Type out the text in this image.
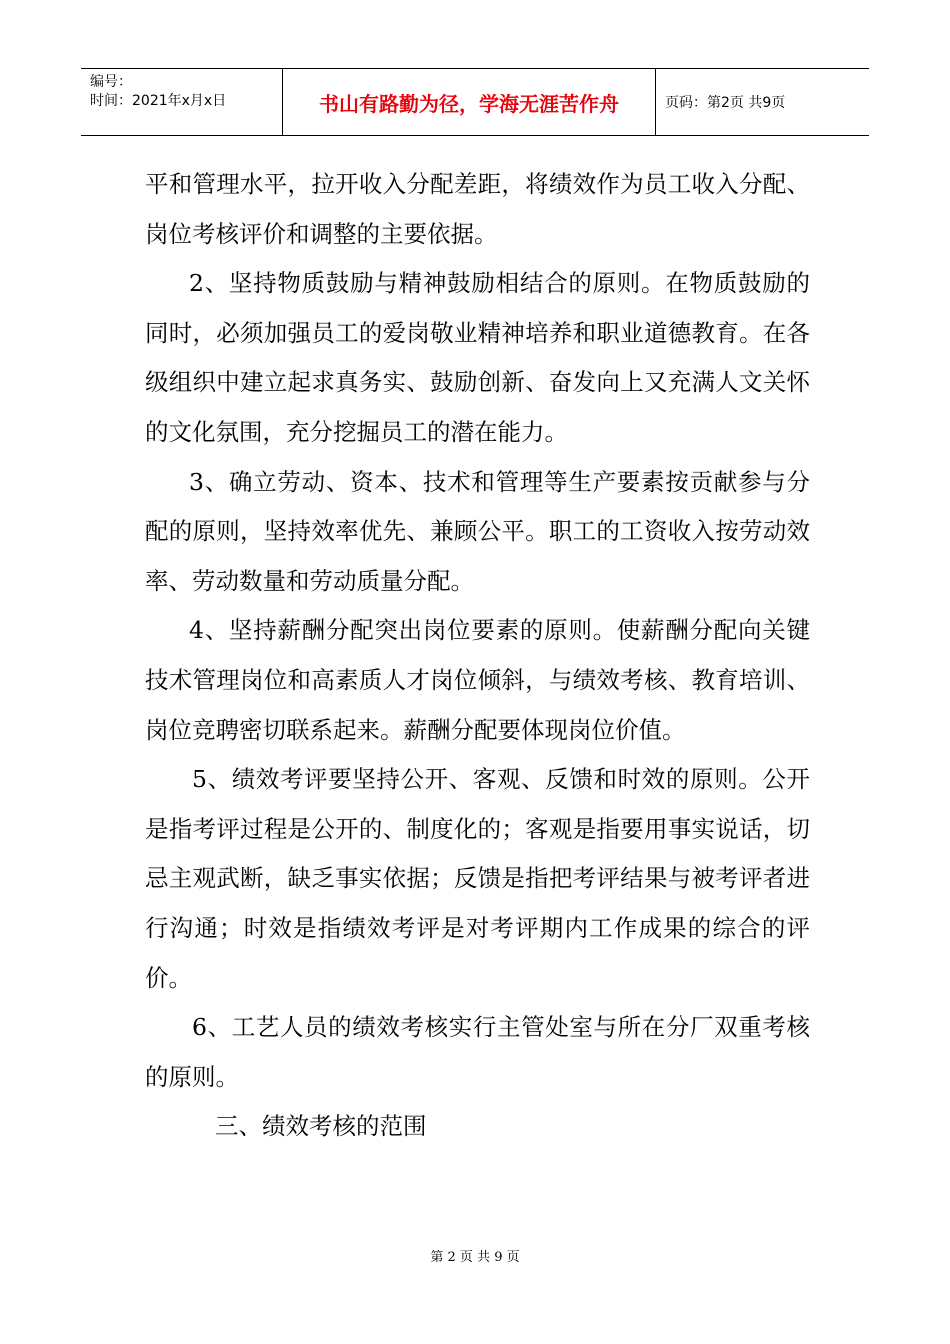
编号：
时间：2021年x月x日	书山有路勤为径，学海无涯苦作舟	页码：第2页 共9页

平和管理水平，拉开收入分配差距，将绩效作为员工收入分配、岗位考核评价和调整的主要依据。

2、坚持物质鼓励与精神鼓励相结合的原则。在物质鼓励的同时，必须加强员工的爱岗敬业精神培养和职业道德教育。在各级组织中建立起求真务实、鼓励创新、奋发向上又充满人文关怀的文化氛围，充分挖掘员工的潜在能力。

3、确立劳动、资本、技术和管理等生产要素按贡献参与分配的原则，坚持效率优先、兼顾公平。职工的工资收入按劳动效率、劳动数量和劳动质量分配。

4、坚持薪酬分配突出岗位要素的原则。使薪酬分配向关键技术管理岗位和高素质人才岗位倾斜，与绩效考核、教育培训、岗位竞聘密切联系起来。薪酬分配要体现岗位价值。

5、绩效考评要坚持公开、客观、反馈和时效的原则。公开是指考评过程是公开的、制度化的；客观是指要用事实说话，切忌主观武断，缺乏事实依据；反馈是指把考评结果与被考评者进行沟通；时效是指绩效考评是对考评期内工作成果的综合的评价。

6、工艺人员的绩效考核实行主管处室与所在分厂双重考核的原则。

三、绩效考核的范围

第 2 页 共 9 页
